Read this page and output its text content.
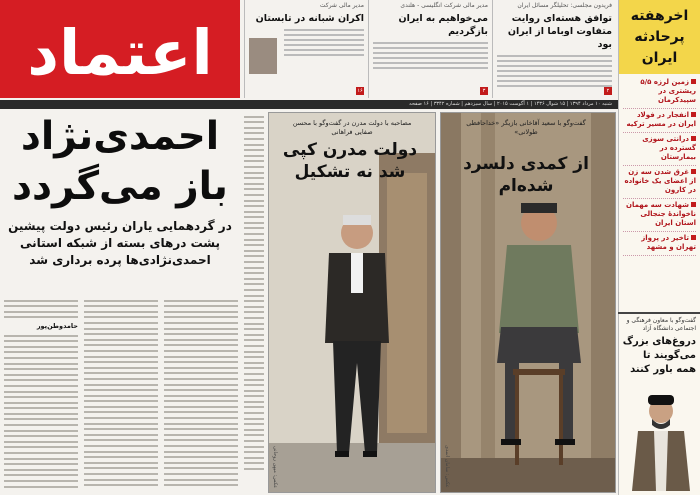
اعتماد
شنبه ۱۰ مرداد ۱۳۹۴ | ۱۵ شوال ۱۴۳۶ | ۱ آگوست ۲۰۱۵ | سال سیزدهم | شماره ۳۳۴۲ | ۱۶ صفحه
فریدون مجلسی: تحلیلگر مسائل ایران
توافق هسته‌ای روایت متفاوت اوباما از ایران بود
۲
مدیر مالی شرکت انگلیسی - هلندی
می‌خواهیم به ایران بازگردیم
۳
مدیر مالی شرکت
اکران شبانه در تابستان
۱۶
احمدی‌نژاد
باز می‌گردد
در گردهمایی یاران رئیس دولت پیشین پشت درهای بسته از شبکه استانی احمدی‌نژادی‌ها پرده برداری شد
حامدوطن‌پور
مصاحبه با دولت مدرن در گفت‌وگو با محسن صفایی فراهانی
دولت مدرن کپی شد نه تشکیل
عکس: میهن روحانی
گفت‌وگو با سعید آقاخانی بازیگر «خداحافظی طولانی»
از کمدی دلسرد شده‌ام
عکس: سامان اسدی
اخرهفته پرحادثه ایران
زمین لرزه ۵/۵ ریشتری در سپیدکرمان
انفجار در فولاد ایران در مسیر ترکیه
درانتی سوزی گسترده در بیمارستان
غرق شدن سه زن از اعضای یک خانواده در کارون
شهادت سه مهمان ناخواندهٔ جنجالی استان ایران
تاخیر در پرواز تهران و مشهد
گفت‌وگو با معاون فرهنگی و اجتماعی دانشگاه آزاد
دروغ‌های بزرگ می‌گویند تا همه باور کنند
